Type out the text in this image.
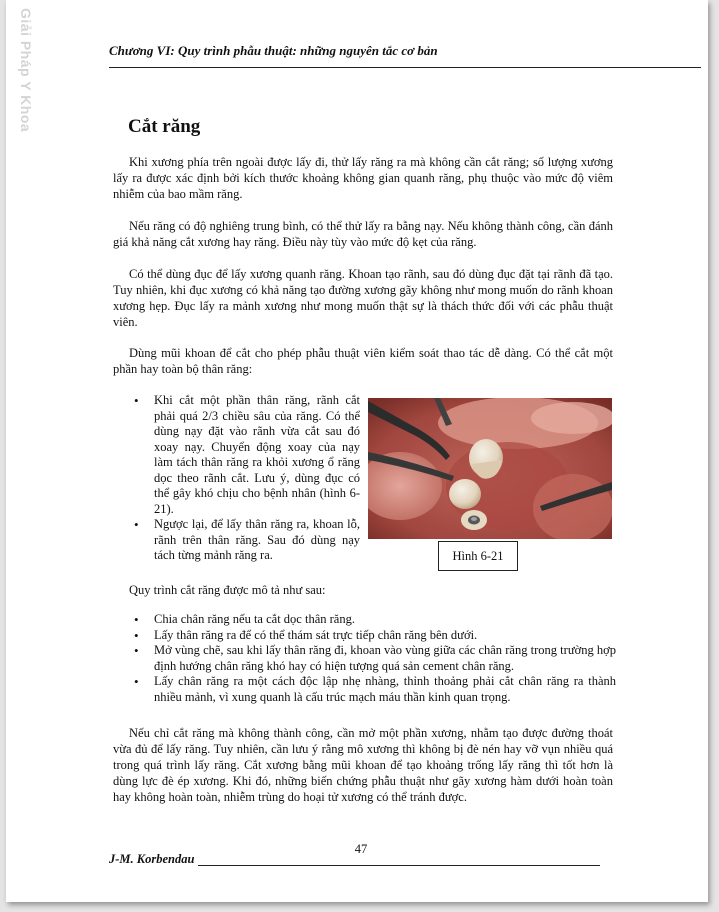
Giải Pháp Y Khoa	Chương VI: Quy trình phẫu thuật: những nguyên tắc cơ bản
Cắt răng

Khi xương phía trên ngoài được lấy đi, thử lấy răng ra mà không cần cắt răng; số lượng xương lấy ra được xác định bởi kích thước khoảng không gian quanh răng, phụ thuộc vào mức độ viêm nhiễm của bao mầm răng.

Nếu răng có độ nghiêng trung bình, có thể thử lấy ra bằng nạy. Nếu không thành công, cần đánh giá khả năng cắt xương hay răng. Điều này tùy vào mức độ kẹt của răng.

Có thể dùng đục để lấy xương quanh răng. Khoan tạo rãnh, sau đó dùng đục đặt tại rãnh đã tạo. Tuy nhiên, khi đục xương có khả năng tạo đường xương gãy không như mong muốn do rãnh khoan xương hẹp. Đục lấy ra mảnh xương như mong muốn thật sự là thách thức đối với các phẫu thuật viên.

Dùng mũi khoan để cắt cho phép phẫu thuật viên kiểm soát thao tác dễ dàng. Có thể cắt một phần hay toàn bộ thân răng:

• Khi cắt một phần thân răng, rãnh cắt phải quá 2/3 chiều sâu của răng. Có thể dùng nạy đặt vào rãnh vừa cắt sau đó xoay nạy. Chuyển động xoay của nạy làm tách thân răng ra khỏi xương ổ răng dọc theo rãnh cắt. Lưu ý, dùng đục có thể gây khó chịu cho bệnh nhân (hình 6-21).
• Ngược lại, để lấy thân răng ra, khoan lỗ, rãnh trên thân răng. Sau đó dùng nạy tách từng mảnh răng ra.	Hình 6-21

Quy trình cắt răng được mô tả như sau:

• Chia chân răng nếu ta cắt dọc thân răng.
• Lấy thân răng ra để có thể thám sát trực tiếp chân răng bên dưới.
• Mở vùng chẽ, sau khi lấy thân răng đi, khoan vào vùng giữa các chân răng trong trường hợp định hướng chân răng khó hay có hiện tượng quá sản cement chân răng.
• Lấy chân răng ra một cách độc lập nhẹ nhàng, thỉnh thoảng phải cắt chân răng ra thành nhiều mảnh, vì xung quanh là cấu trúc mạch máu thần kinh quan trọng.

Nếu chỉ cắt răng mà không thành công, cần mở một phần xương, nhằm tạo được đường thoát vừa đủ để lấy răng. Tuy nhiên, cần lưu ý rằng mô xương thì không bị đè nén hay vỡ vụn nhiều quá trong quá trình lấy răng. Cắt xương bằng mũi khoan để tạo khoảng trống lấy răng thì tốt hơn là dùng lực đè ép xương. Khi đó, những biến chứng phẫu thuật như gãy xương hàm dưới hoàn toàn hay không hoàn toàn, nhiễm trùng do hoại tử xương có thể tránh được.

47
J-M. Korbendau
